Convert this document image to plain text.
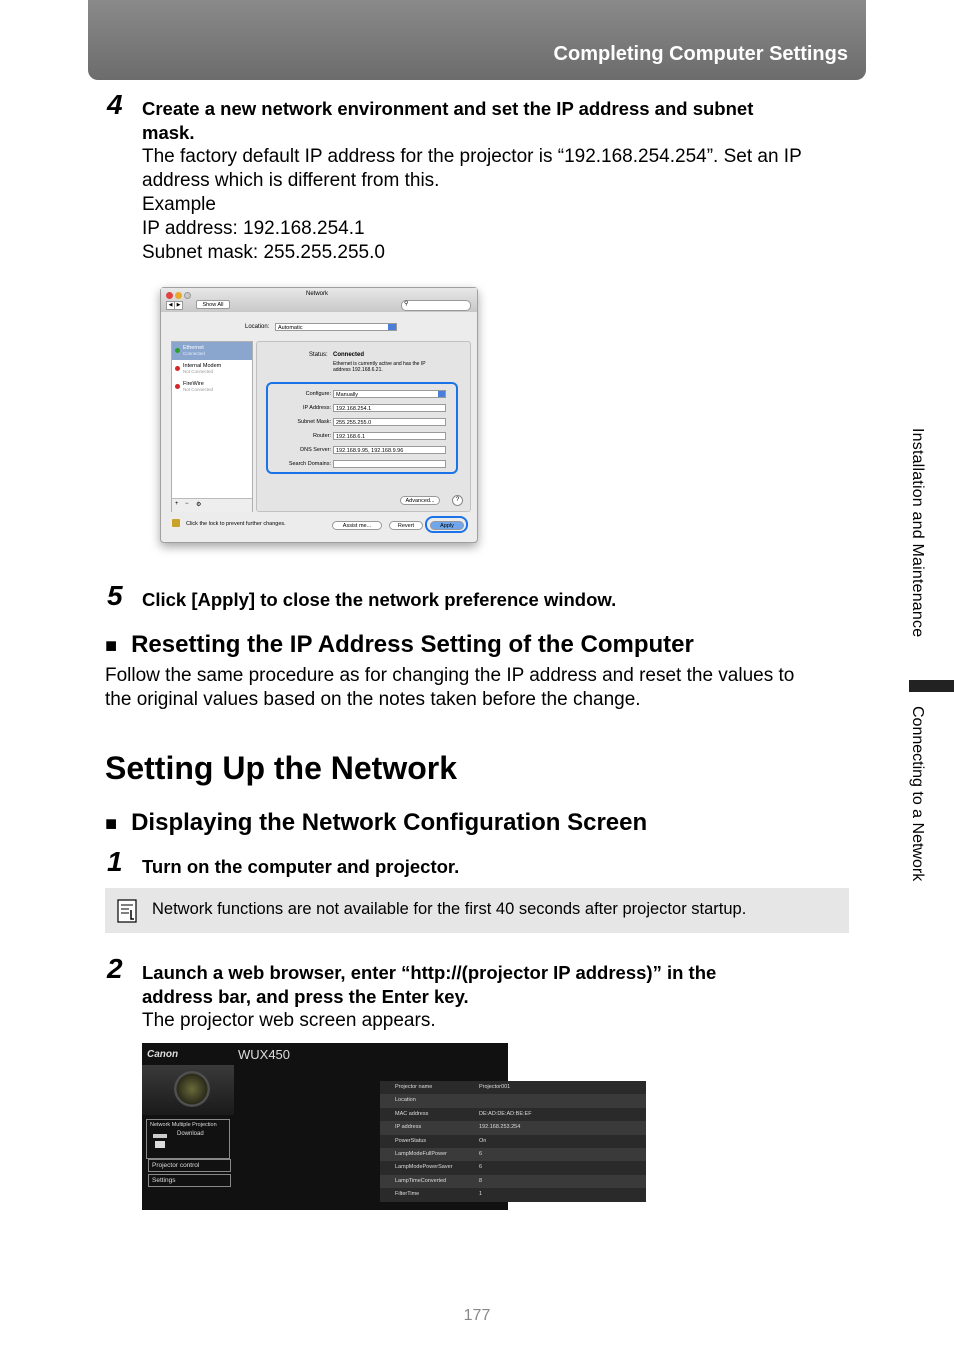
Completing Computer Settings
4 Create a new network environment and set the IP address and subnet
mask.
The factory default IP address for the projector is “192.168.254.254”. Set an IP
address which is different from this.
Example
IP address: 192.168.254.1
Subnet mask: 255.255.255.0
Network
◀ ▶	Show All	⚲
Location:	Automatic
Ethernet
Connected
Internal Modem
Not Connected
FireWire
Not Connected
+ − ⚙
Status: Connected
Ethernet is currently active and has the IP
address 192.168.6.21.
Configure: Manually
IP Address: 192.168.254.1
Subnet Mask: 255.255.255.0
Router: 192.168.6.1
DNS Server: 192.168.9.95, 192.168.9.96
Search Domains:
Advanced...	?
Click the lock to prevent further changes.	Assist me...	Revert	Apply
5 Click [Apply] to close the network preference window.
■ Resetting the IP Address Setting of the Computer
Follow the same procedure as for changing the IP address and reset the values to
the original values based on the notes taken before the change.
Setting Up the Network
■ Displaying the Network Configuration Screen
1 Turn on the computer and projector.
Network functions are not available for the first 40 seconds after projector startup.
2 Launch a web browser, enter “http://(projector IP address)” in the
address bar, and press the Enter key.
The projector web screen appears.
Canon	WUX450
Network Multiple Projection
Download
Projector control
Settings
Projector name	Projector001
Location
MAC address	DE:AD:DE:AD:BE:EF
IP address	192.168.253.254
PowerStatus	On
LampModeFullPower	6
LampModePowerSaver	6
LampTimeConverted	8
FilterTime	1
Installation and Maintenance
Connecting to a Network
177
